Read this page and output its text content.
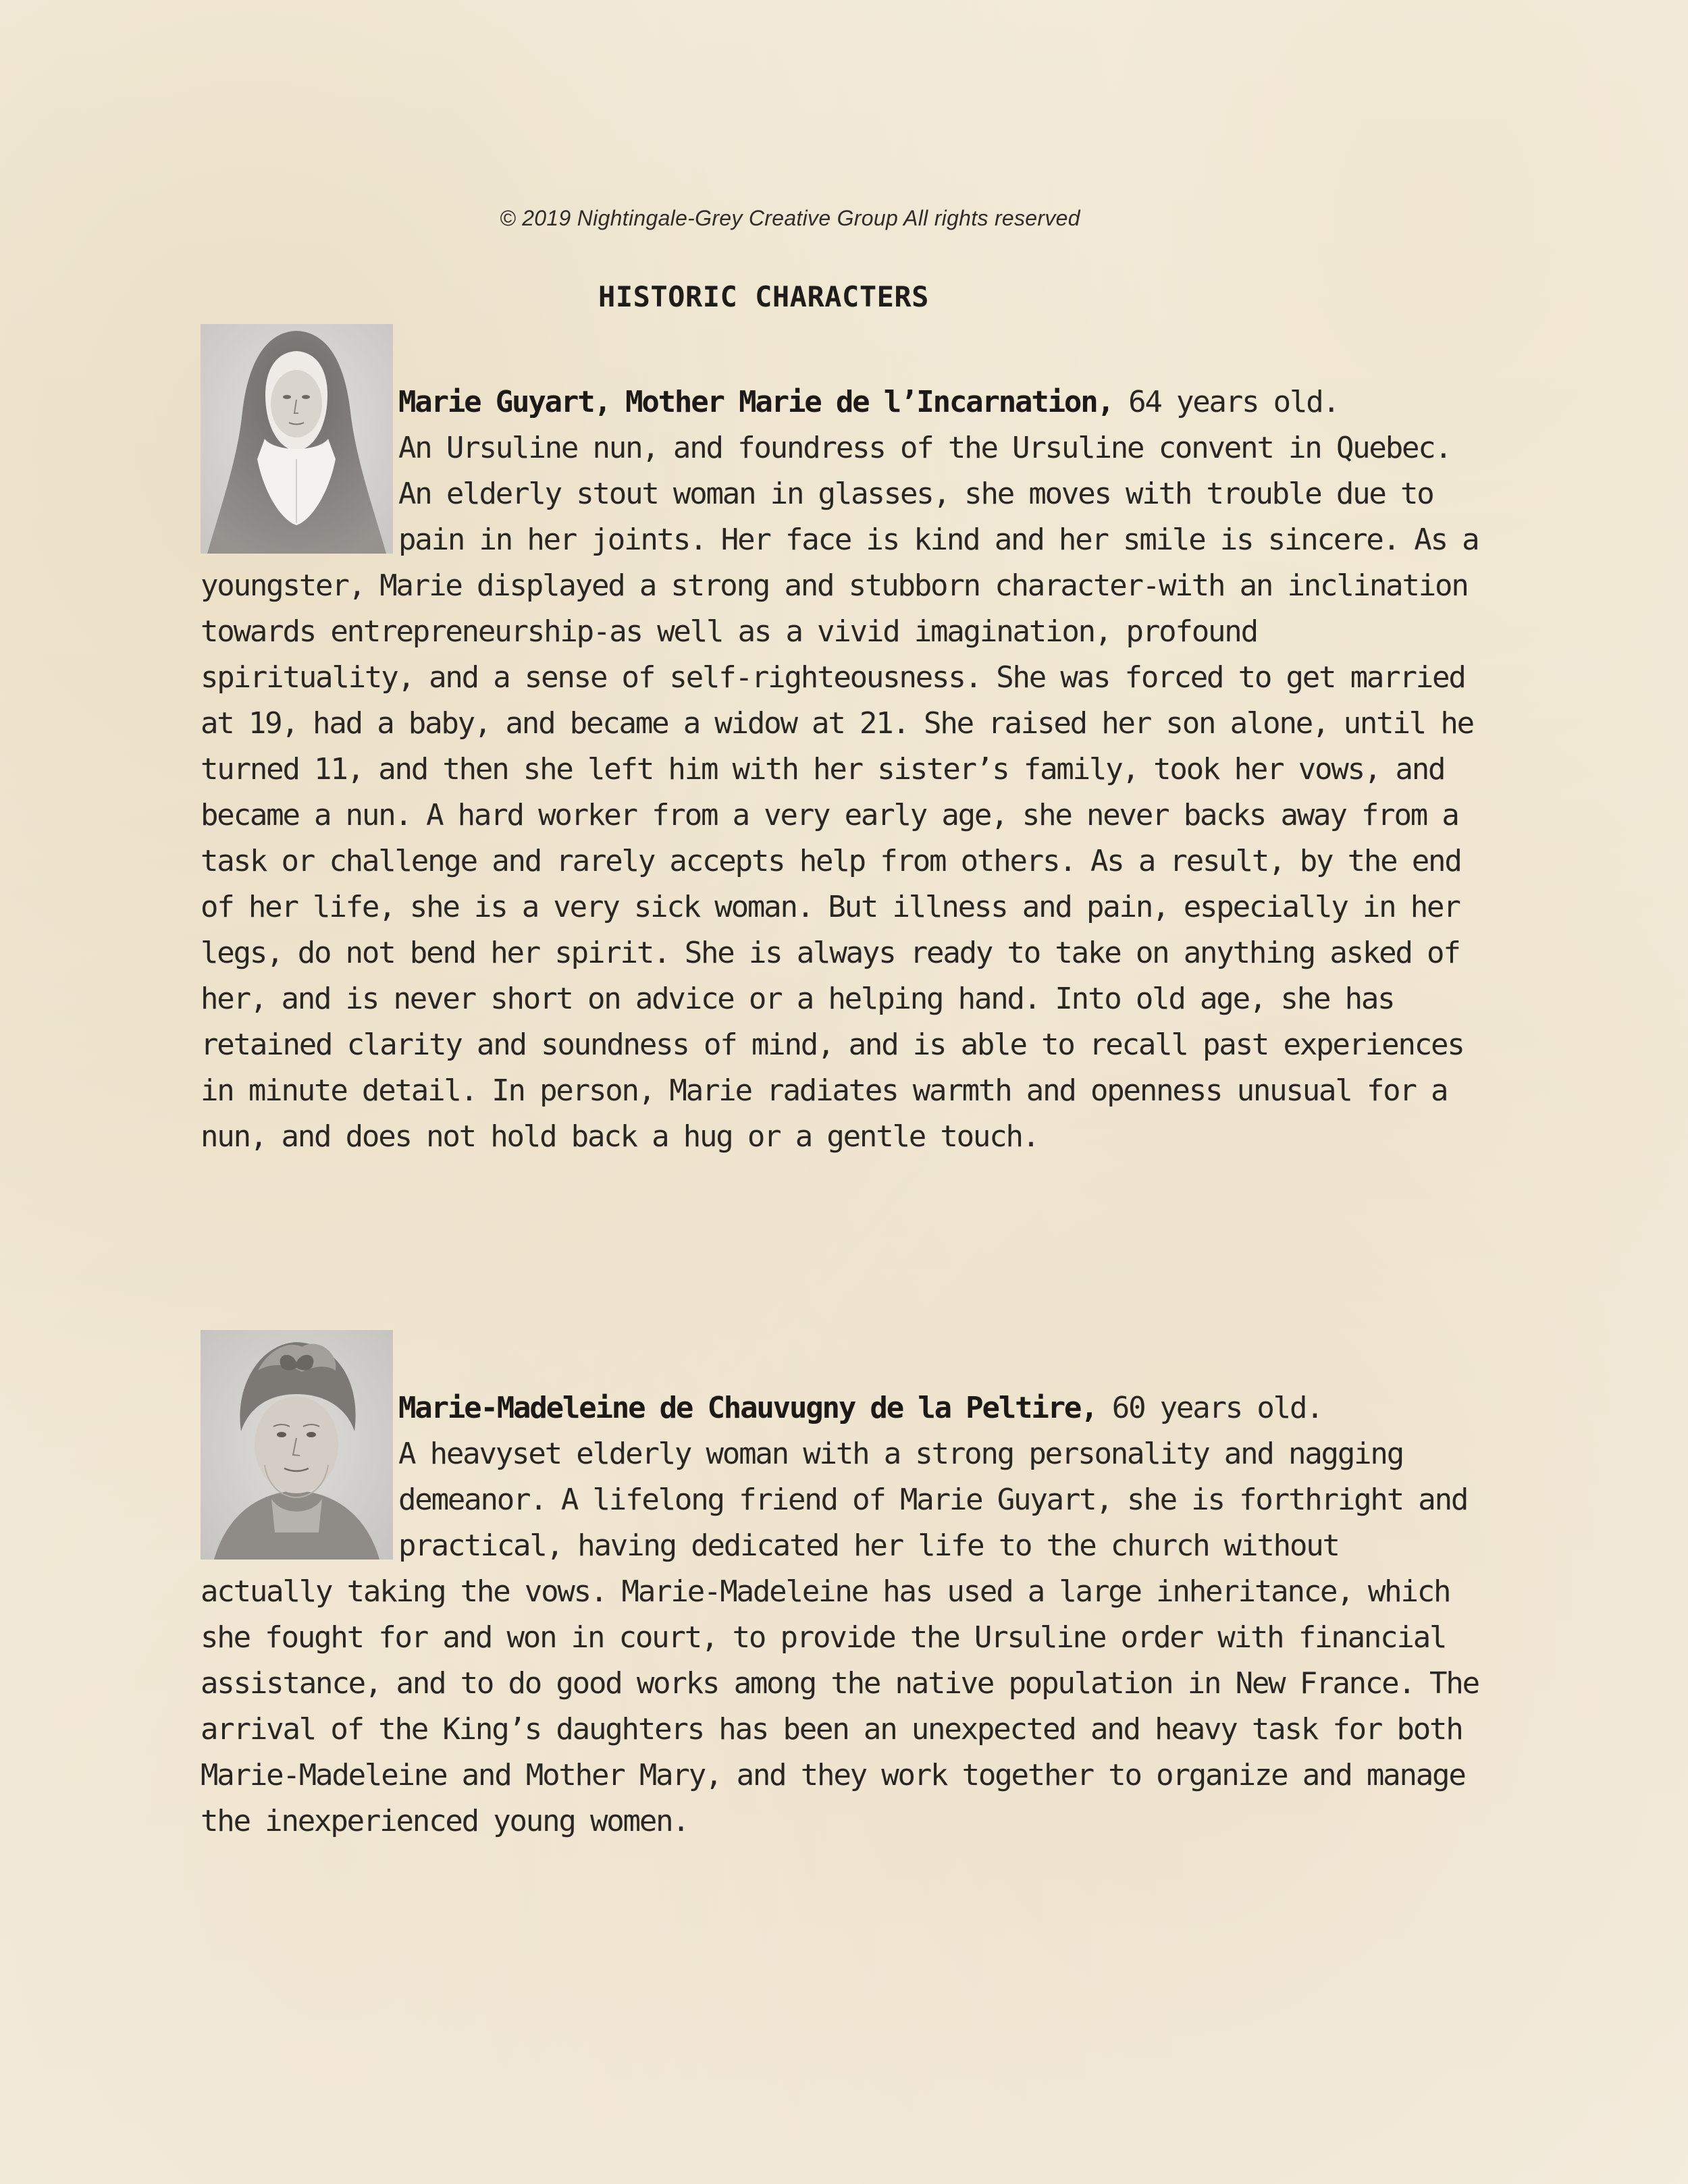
© 2019 Nightingale-Grey Creative Group All rights reserved
HISTORIC CHARACTERS

Marie Guyart, Mother Marie de l’Incarnation, 64 years old.
An Ursuline nun, and foundress of the Ursuline convent in Quebec. An elderly stout woman in glasses, she moves with trouble due to pain in her joints. Her face is kind and her smile is sincere. As a youngster, Marie displayed a strong and stubborn character-with an inclination towards entrepreneurship-as well as a vivid imagination, profound spirituality, and a sense of self-righteousness. She was forced to get married at 19, had a baby, and became a widow at 21. She raised her son alone, until he turned 11, and then she left him with her sister’s family, took her vows, and became a nun. A hard worker from a very early age, she never backs away from a task or challenge and rarely accepts help from others. As a result, by the end of her life, she is a very sick woman. But illness and pain, especially in her legs, do not bend her spirit. She is always ready to take on anything asked of her, and is never short on advice or a helping hand. Into old age, she has retained clarity and soundness of mind, and is able to recall past experiences in minute detail. In person, Marie radiates warmth and openness unusual for a nun, and does not hold back a hug or a gentle touch.

Marie-Madeleine de Chauvugny de la Peltire, 60 years old.
A heavyset elderly woman with a strong personality and nagging demeanor. A lifelong friend of Marie Guyart, she is forthright and practical, having dedicated her life to the church without actually taking the vows. Marie-Madeleine has used a large inheritance, which she fought for and won in court, to provide the Ursuline order with financial assistance, and to do good works among the native population in New France. The arrival of the King’s daughters has been an unexpected and heavy task for both Marie-Madeleine and Mother Mary, and they work together to organize and manage the inexperienced young women.
